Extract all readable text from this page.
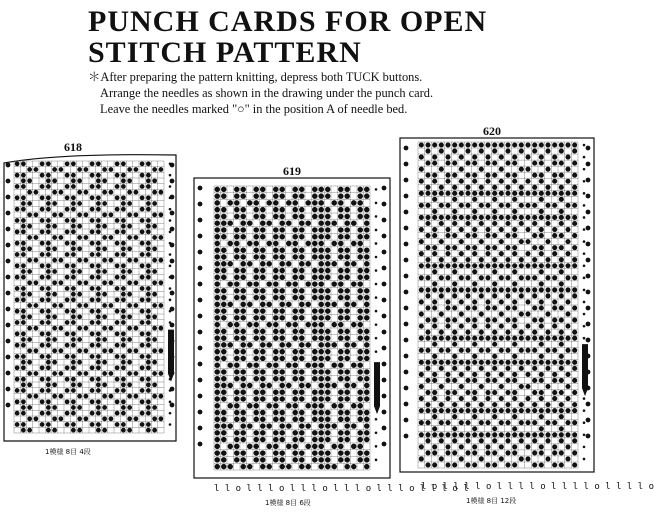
PUNCH CARDS FOR OPEN
STITCH PATTERN
＊After preparing the pattern knitting, depress both TUCK buttons.
Arrange the needles as shown in the drawing under the punch card.
Leave the needles marked "○" in the position A of needle bed.
618
1模様 8目 4段
619
l l o l l l o l l l o l l l o l l l o l l l o l
1模様 8目 6段
620
l o l l l l o l l l l o l l l l o l l l l o
1模様 8目 12段
